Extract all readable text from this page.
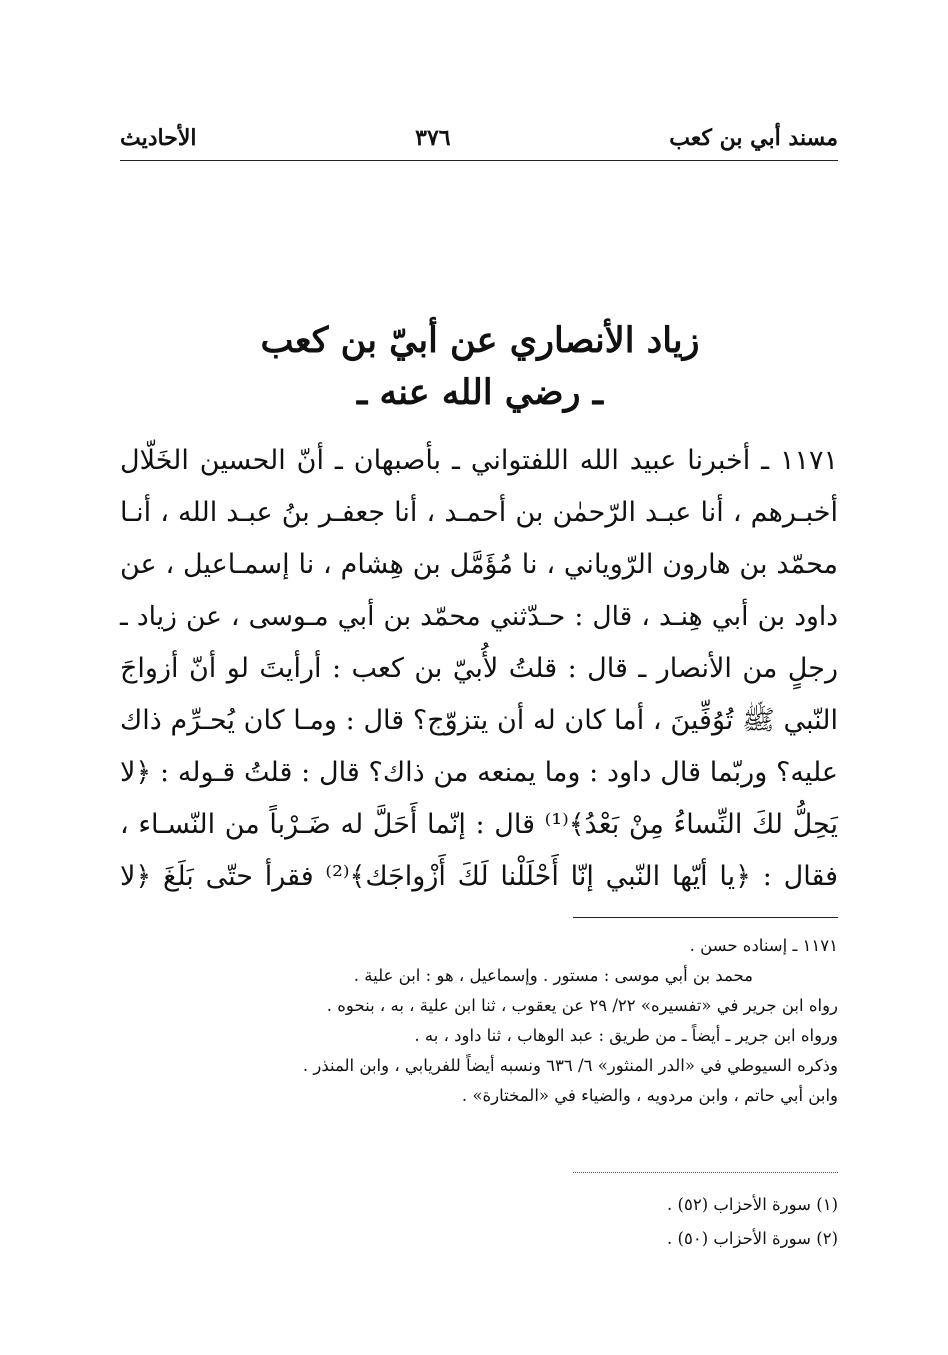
مسند أبي بن كعب
٣٧٦
الأحاديث
زياد الأنصاري عن أبيّ بن كعب
ـ رضي الله عنه ـ
١١٧١ ـ أخبرنا عبيد الله اللفتواني ـ بأصبهان ـ أنّ الحسين الخَلّال
أخبـرهم ، أنا عبـد الرّحمٰن بن أحمـد ، أنا جعفـر بنُ عبـد الله ، أنـا
محمّد بن هارون الرّوياني ، نا مُؤَمَّل بن هِشام ، نا إسمـاعيل ، عن
داود بن أبي هِنـد ، قال : حـدّثني محمّد بن أبي مـوسى ، عن زياد ـ
رجلٍ من الأنصار ـ قال : قلتُ لأُبيّ بن كعب : أرأيتَ لو أنّ أزواجَ
النّبي ﷺ تُوُفِّينَ ، أما كان له أن يتزوّج؟ قال : ومـا كان يُحـرِّم ذاك
عليه؟ وربّما قال داود : وما يمنعه من ذاك؟ قال : قلتُ قـوله : ﴿لا
يَحِلُّ لكَ النِّساءُ مِنْ بَعْدُ﴾⁽¹⁾ قال : إنّما أَحَلَّ له ضَـرْباً من النّسـاء ،
فقال : ﴿يا أيّها النّبي إنّا أَحْلَلْنا لَكَ أَزْواجَك﴾⁽²⁾ فقرأ حتّى بَلَغَ ﴿لا
١١٧١ ـ إسناده حسن .
محمد بن أبي موسى : مستور . وإسماعيل ، هو : ابن علية .
رواه ابن جرير في «تفسيره» ٢٢/ ٢٩ عن يعقوب ، ثنا ابن علية ، به ، بنحوه .
ورواه ابن جرير ـ أيضاً ـ من طريق : عبد الوهاب ، ثنا داود ، به .
وذكره السيوطي في «الدر المنثور» ٦/ ٦٣٦ ونسبه أيضاً للفريابي ، وابن المنذر .
وابن أبي حاتم ، وابن مردويه ، والضياء في «المختارة» .
(١) سورة الأحزاب (٥٢) .
(٢) سورة الأحزاب (٥٠) .
